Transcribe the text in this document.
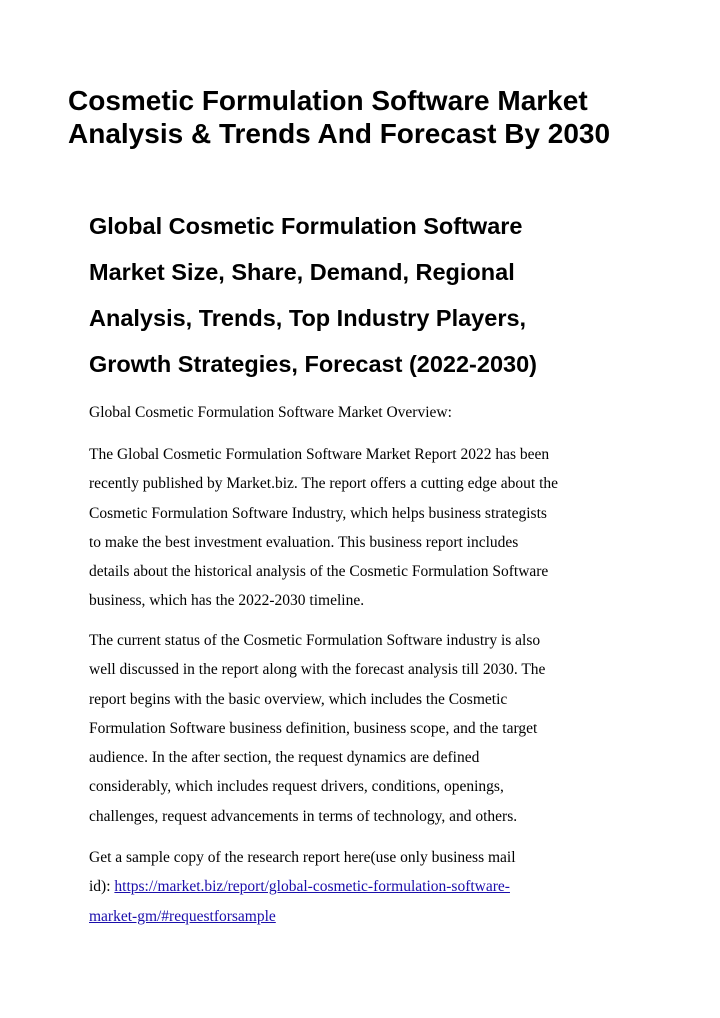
Cosmetic Formulation Software Market
Analysis & Trends And Forecast By 2030
Global Cosmetic Formulation Software
Market Size, Share, Demand, Regional
Analysis, Trends, Top Industry Players,
Growth Strategies, Forecast (2022-2030)

Global Cosmetic Formulation Software Market Overview:

The Global Cosmetic Formulation Software Market Report 2022 has been
recently published by Market.biz. The report offers a cutting edge about the
Cosmetic Formulation Software Industry, which helps business strategists
to make the best investment evaluation. This business report includes
details about the historical analysis of the Cosmetic Formulation Software
business, which has the 2022-2030 timeline.

The current status of the Cosmetic Formulation Software industry is also
well discussed in the report along with the forecast analysis till 2030. The
report begins with the basic overview, which includes the Cosmetic
Formulation Software business definition, business scope, and the target
audience. In the after section, the request dynamics are defined
considerably, which includes request drivers, conditions, openings,
challenges, request advancements in terms of technology, and others.

Get a sample copy of the research report here(use only business mail
id): https://market.biz/report/global-cosmetic-formulation-software-
market-gm/#requestforsample
